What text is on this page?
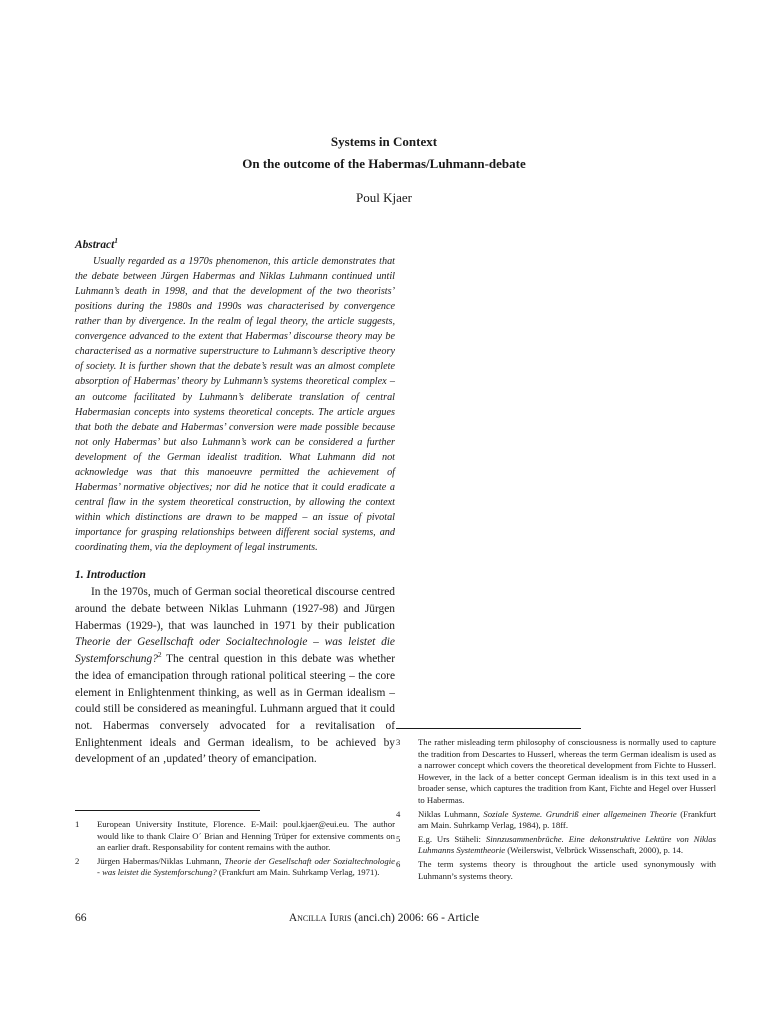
Systems in Context
On the outcome of the Habermas/Luhmann-debate
Poul Kjaer
Abstract$^1$

Usually regarded as a 1970s phenomenon, this article demonstrates that the debate between Jürgen Habermas and Niklas Luhmann continued until Luhmann’s death in 1998, and that the development of the two theorists’ positions during the 1980s and 1990s was characterised by convergence rather than by divergence. In the realm of legal theory, the article suggests, convergence advanced to the extent that Habermas’ discourse theory may be characterised as a normative superstructure to Luhmann’s descriptive theory of society. It is further shown that the debate’s result was an almost complete absorption of Habermas’ theory by Luhmann’s systems theoretical complex – an outcome facilitated by Luhmann’s deliberate translation of central Habermasian concepts into systems theoretical concepts. The article argues that both the debate and Habermas’ conversion were made possible because not only Habermas’ but also Luhmann’s work can be considered a further development of the German idealist tradition. What Luhmann did not acknowledge was that this manoeuvre permitted the achievement of Habermas’ normative objectives; nor did he notice that it could eradicate a central flaw in the system theoretical construction, by allowing the context within which distinctions are drawn to be mapped – an issue of pivotal importance for grasping relationships between different social systems, and coordinating them, via the deployment of legal instruments.

1. Introduction

In the 1970s, much of German social theoretical discourse centred around the debate between Niklas Luhmann (1927-98) and Jürgen Habermas (1929-), that was launched in 1971 by their publication Theorie der Gesellschaft oder Socialtechnologie – was leistet die Systemforschung?$^2$ The central question in this debate was whether the idea of emancipation through rational political steering – the core element in Enlightenment thinking, as well as in German idealism – could still be considered as meaningful. Luhmann argued that it could not. Habermas conversely advocated for a revitalisation of Enlightenment ideals and German idealism, to be achieved by development of an ‚updated’ theory of emancipation.

1	European University Institute, Florence. E-Mail: poul.kjaer@eui.eu. The author would like to thank Claire O´ Brian and Henning Trüper for extensive comments on an earlier draft. Responsability for content remains with the author.
2	Jürgen Habermas/Niklas Luhmann, Theorie der Gesellschaft oder Sozialtechnologie - was leistet die Systemforschung? (Frankfurt am Main. Suhrkamp Verlag, 1971).
3	The rather misleading term philosophy of consciousness is normally used to capture the tradition from Descartes to Husserl, whereas the term German idealism is used as a narrower concept which covers the theoretical development from Fichte to Husserl. However, in the lack of a better concept German idealism is in this text used in a broader sense, which captures the tradition from Kant, Fichte and Hegel over Husserl to Habermas.
4	Niklas Luhmann, Soziale Systeme. Grundriß einer allgemeinen Theorie (Frankfurt am Main. Suhrkamp Verlag, 1984), p. 18ff.
5	E.g. Urs Stäheli: Sinnzusammenbrüche. Eine dekonstruktive Lektüre von Niklas Luhmanns Systemtheorie (Weilerswist, Velbrück Wissenschaft, 2000), p. 14.
6	The term systems theory is throughout the article used synonymously with Luhmann’s systems theory.
66	Ancilla Iuris (anci.ch) 2006: 66 - Article
